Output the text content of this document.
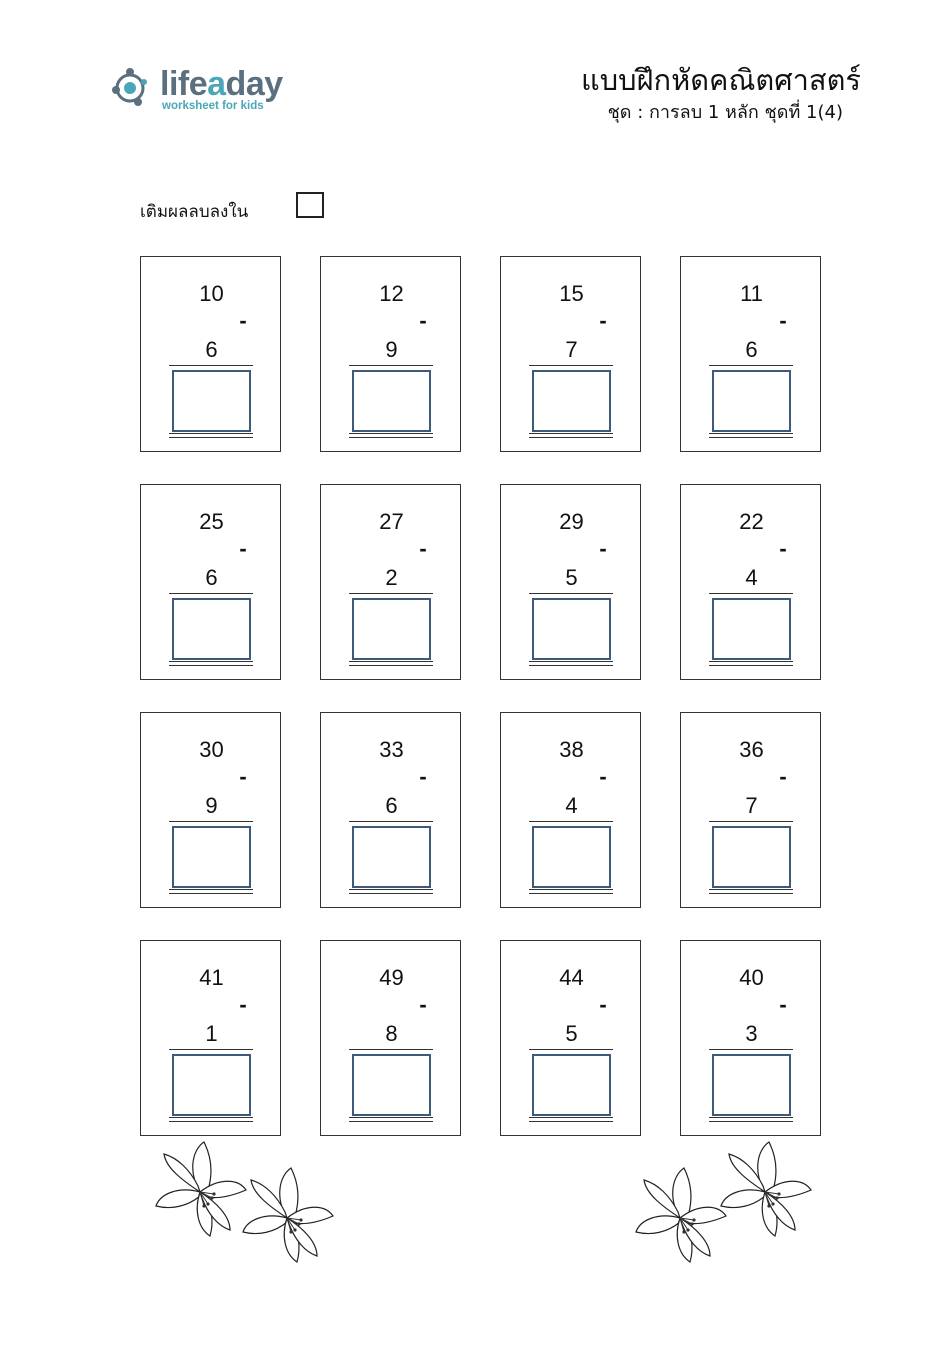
lifeaday
worksheet for kids
แบบฝึกหัดคณิตศาสตร์
ชุด : การลบ 1 หลัก ชุดที่ 1(4)
เติมผลลบลงใน
10
-
6
12
-
9
15
-
7
11
-
6
25
-
6
27
-
2
29
-
5
22
-
4
30
-
9
33
-
6
38
-
4
36
-
7
41
-
1
49
-
8
44
-
5
40
-
3
